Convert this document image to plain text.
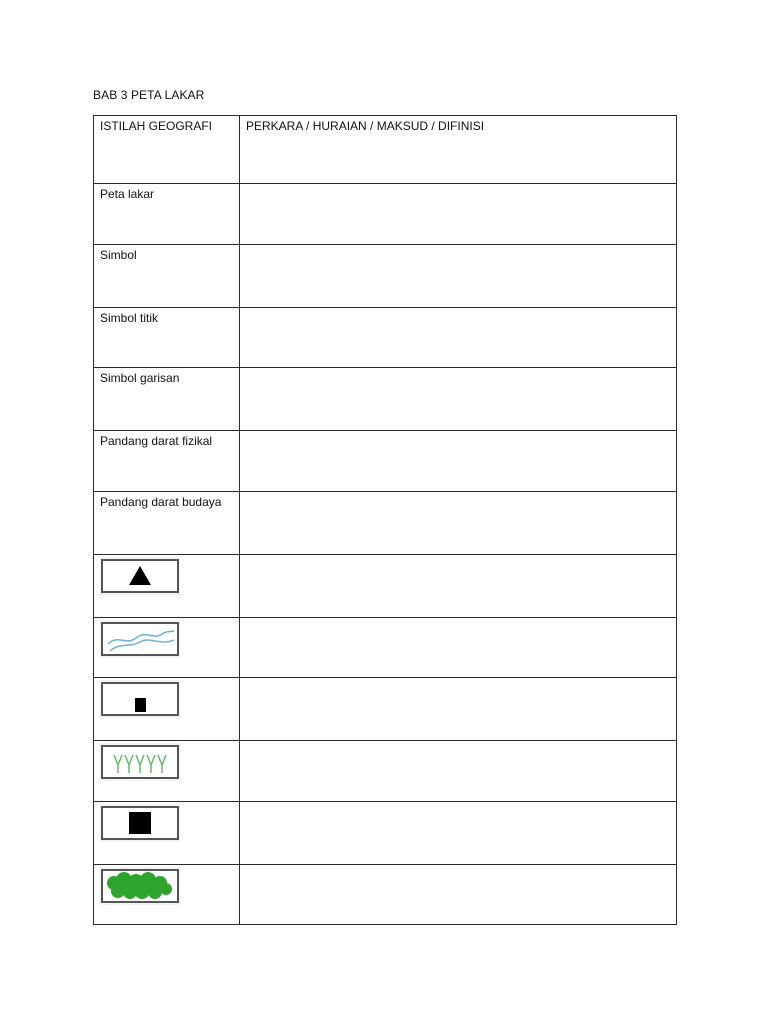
BAB 3 PETA LAKAR
ISTILAH GEOGRAFI	PERKARA / HURAIAN / MAKSUD / DIFINISI
Peta lakar	
Simbol	
Simbol titik	
Simbol garisan	
Pandang darat fizikal	
Pandang darat budaya	
